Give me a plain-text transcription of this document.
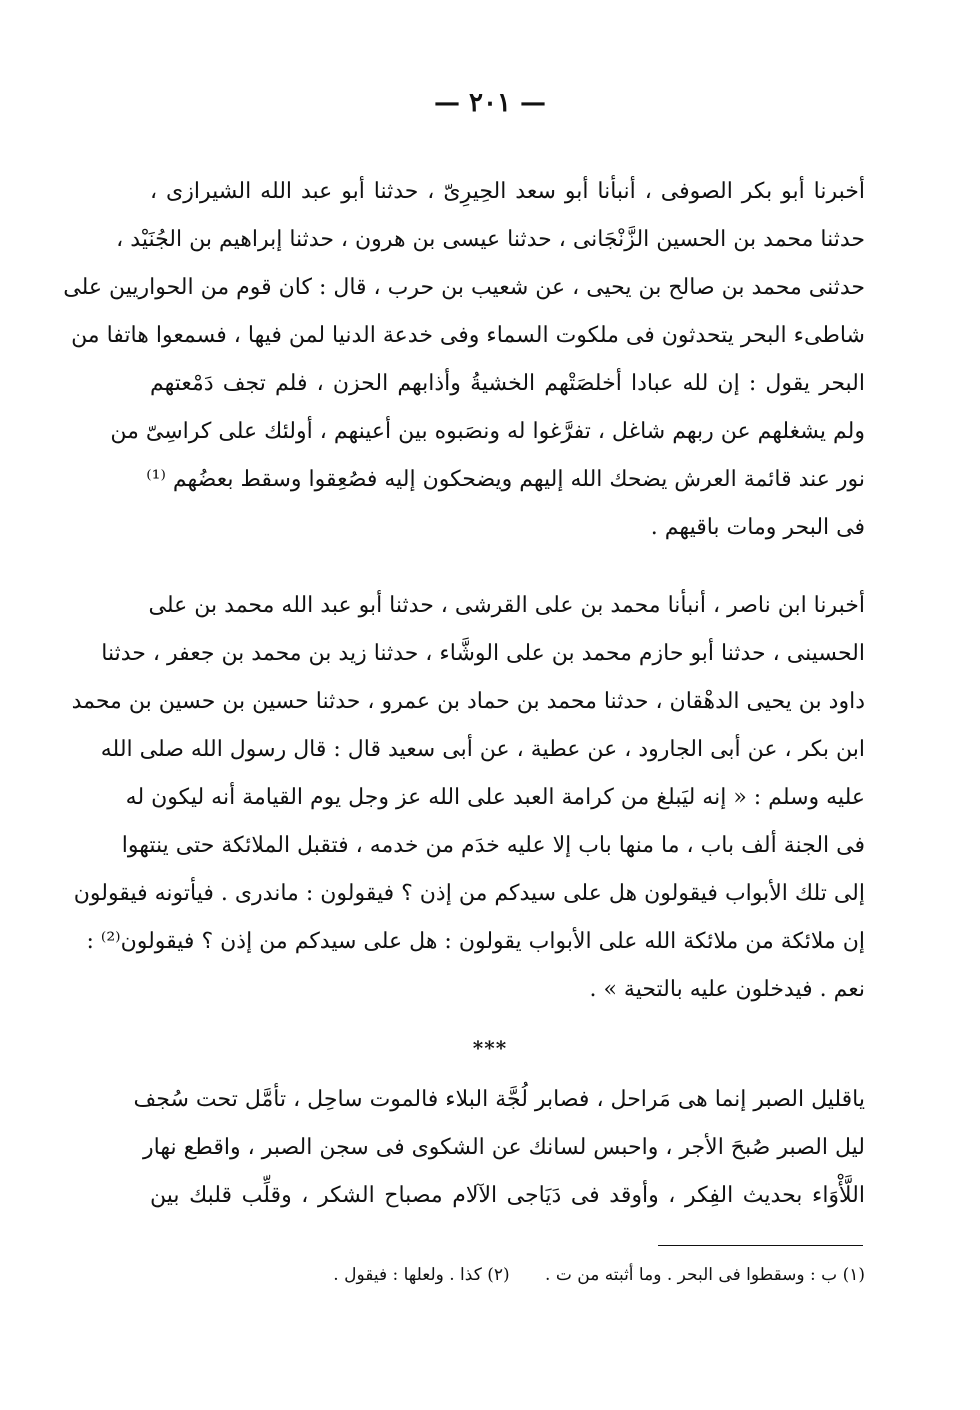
— ٢٠١ —
أخبرنا أبو بكر الصوفى ، أنبأنا أبو سعد الحِيرِىّ ، حدثنا أبو عبد الله الشيرازى ،
حدثنا محمد بن الحسين الزَّنْجَانى ، حدثنا عيسى بن هرون ، حدثنا إبراهيم بن الجُنَيْد ،
حدثنى محمد بن صالح بن يحيى ، عن شعيب بن حرب ، قال : كان قوم من الحواريين على
شاطىء البحر يتحدثون فى ملكوت السماء وفى خدعة الدنيا لمن فيها ، فسمعوا هاتفا من
البحر يقول : إن لله عبادا أخلصَتْهم الخشيةُ وأذابهم الحزن ، فلم تجف دَمْعتهم
ولم يشغلهم عن ربهم شاغل ، تفرَّغوا له ونصَبوه بين أعينهم ، أولئك على كراسِىّ من
نور عند قائمة العرش يضحك الله إليهم ويضحكون إليه فصُعِقوا وسقط بعضُهم ⁽¹⁾
فى البحر ومات باقيهم .
أخبرنا ابن ناصر ، أنبأنا محمد بن على القرشى ، حدثنا أبو عبد الله محمد بن على
الحسينى ، حدثنا أبو حازم محمد بن على الوشَّاء ، حدثنا زيد بن محمد بن جعفر ، حدثنا
داود بن يحيى الدهْقان ، حدثنا محمد بن حماد بن عمرو ، حدثنا حسين بن حسين بن محمد
ابن بكر ، عن أبى الجارود ، عن عطية ، عن أبى سعيد قال : قال رسول الله صلى الله
عليه وسلم : « إنه ليَبلغ من كرامة العبد على الله عز وجل يوم القيامة أنه ليكون له
فى الجنة ألف باب ، ما منها باب إلا عليه خدَم من خدمه ، فتقبل الملائكة حتى ينتهوا
إلى تلك الأبواب فيقولون هل على سيدكم من إذن ؟ فيقولون : ماندرى . فيأتونه فيقولون
إن ملائكة من ملائكة الله على الأبواب يقولون : هل على سيدكم من إذن ؟ فيقولون⁽²⁾ :
نعم . فيدخلون عليه بالتحية » .
***
ياقليل الصبر إنما هى مَراحل ، فصابر لُجَّة البلاء فالموت ساحِل ، تأمَّل تحت سُجف
ليل الصبر صُبحَ الأجر ، واحبس لسانك عن الشكوى فى سجن الصبر ، واقطع نهار
اللَّأْوَاء بحديث الفِكر ، وأوقد فى دَيَاجى الآلام مصباح الشكر ، وقلِّب قلبك بين
(١) ب : وسقطوا فى البحر . وما أثبته من ت . (٢) كذا . ولعلها : فيقول .
